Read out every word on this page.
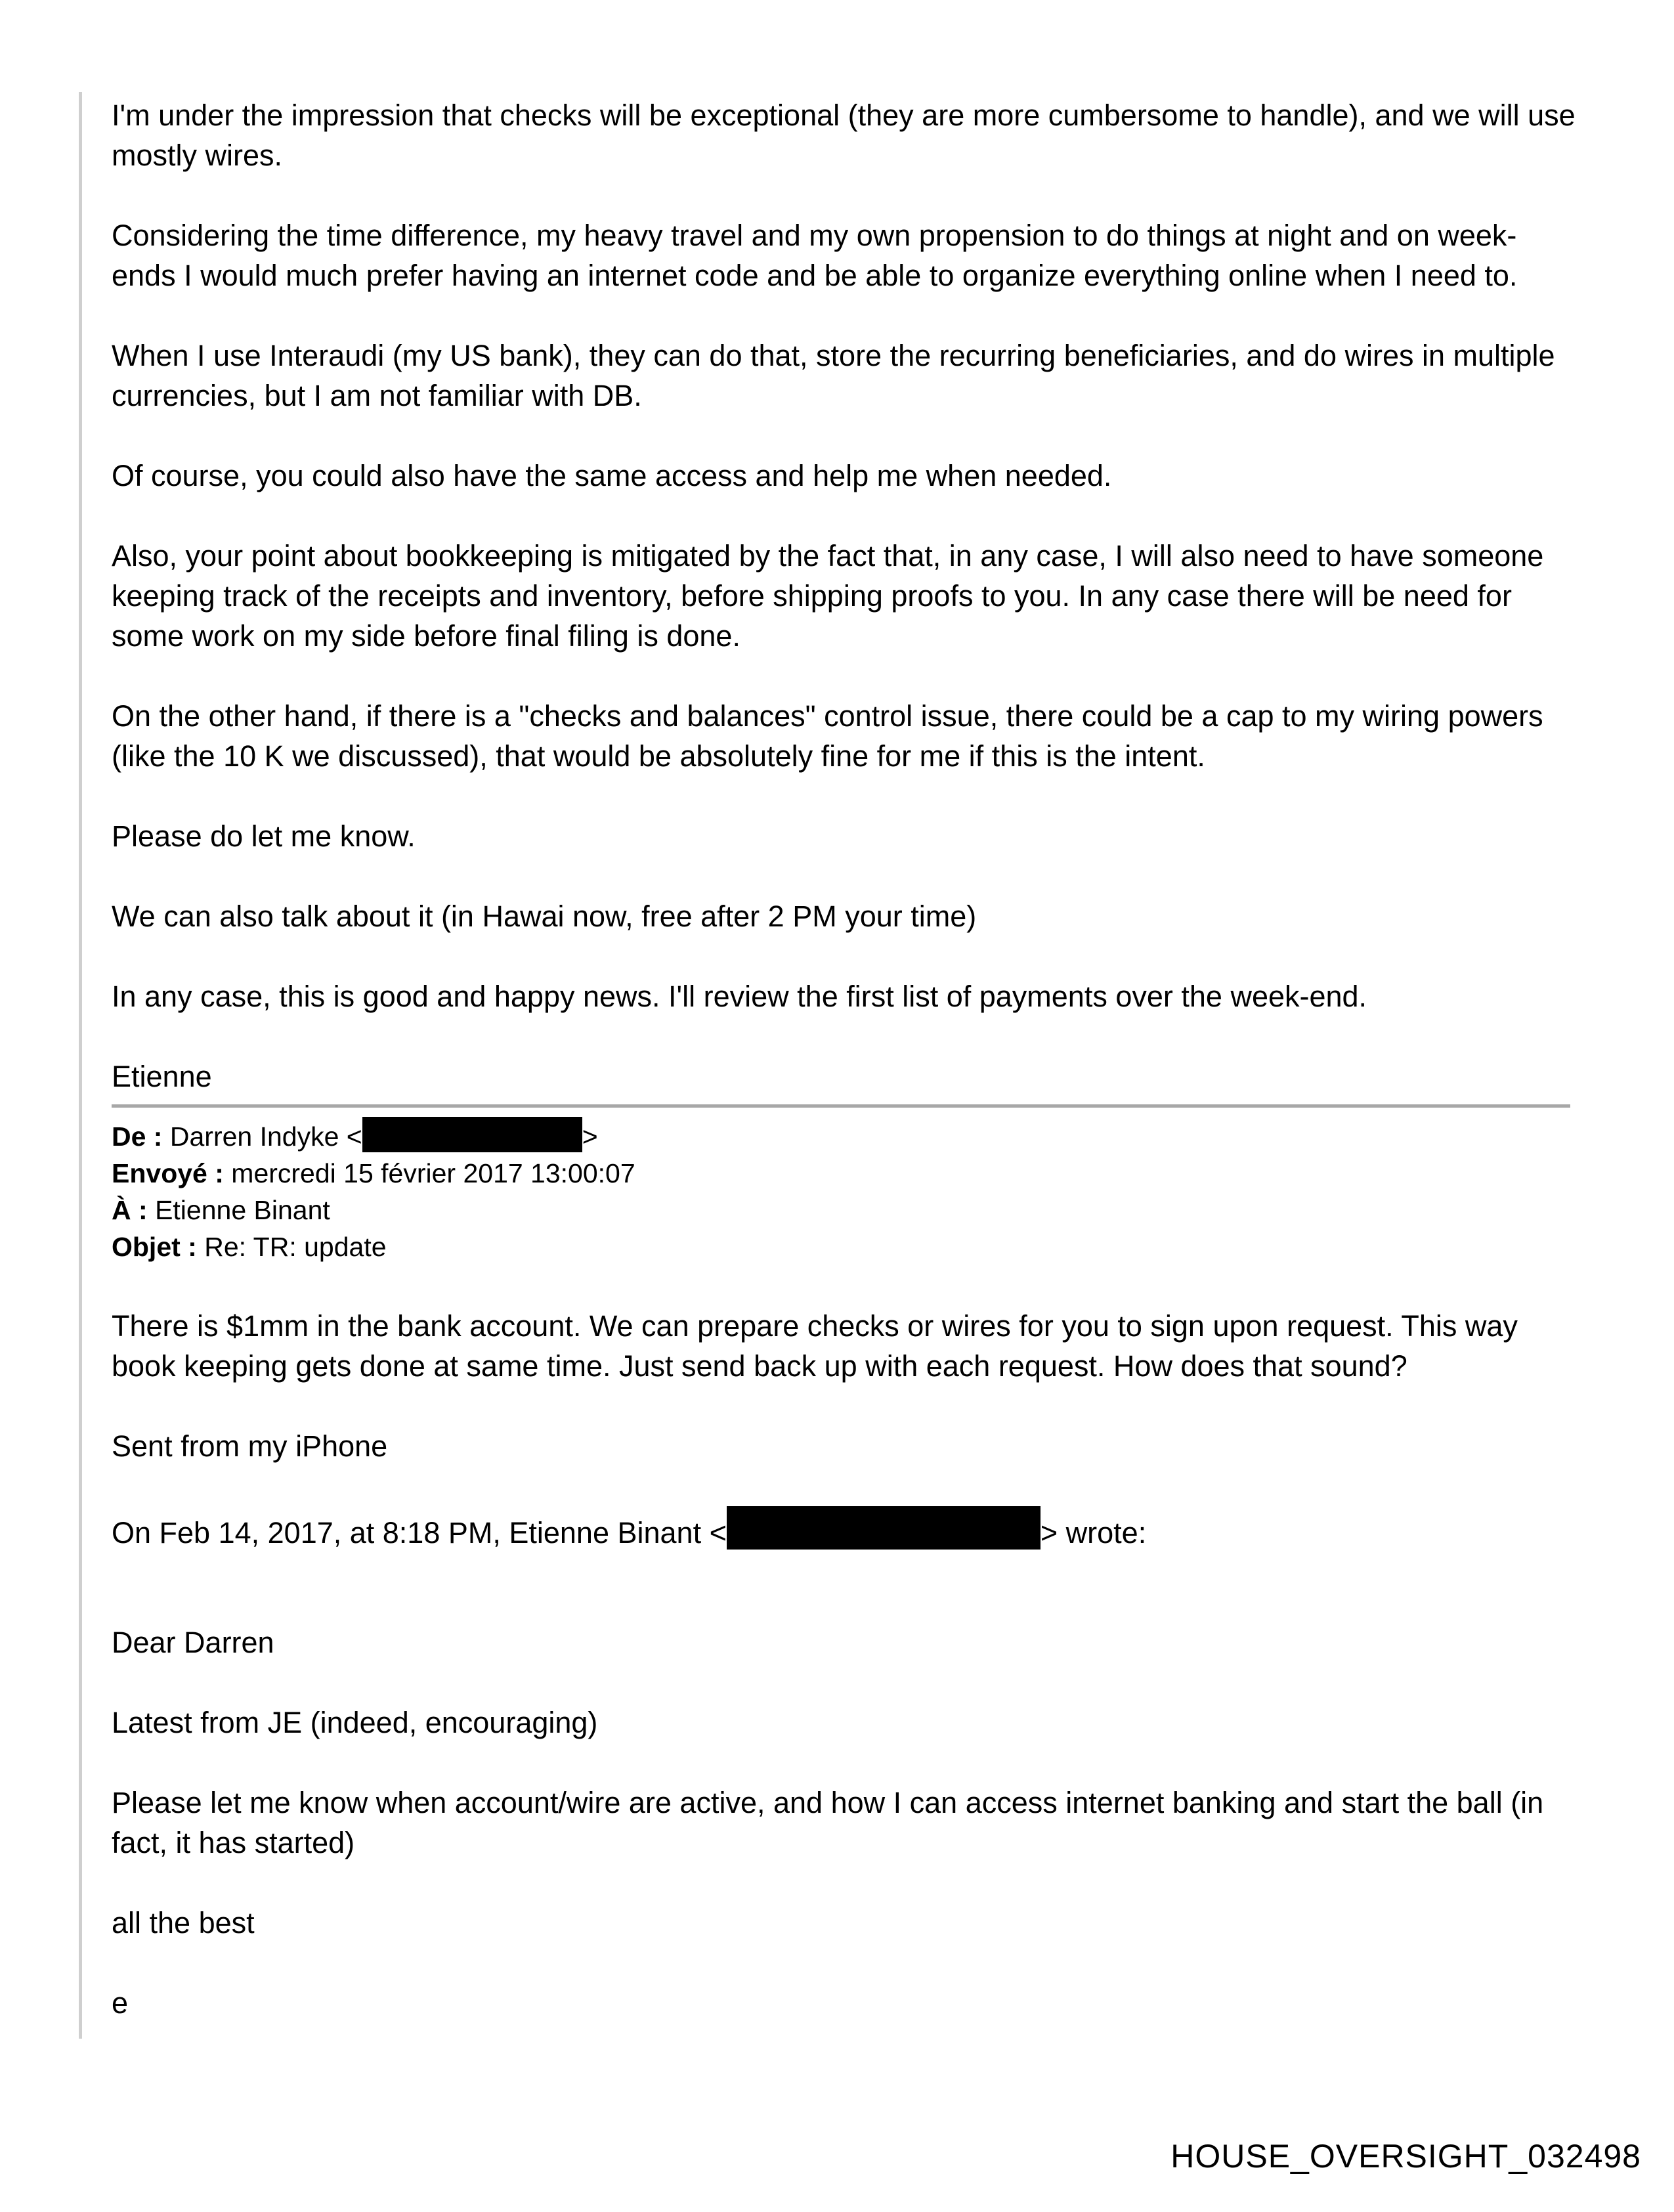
I'm under the impression that checks will be exceptional (they are more cumbersome to handle), and we will use mostly wires.

Considering the time difference, my heavy travel and my own propension to do things at night and on week-ends I would much prefer having an internet code and be able to organize everything online when I need to.

When I use Interaudi (my US bank), they can do that, store the recurring beneficiaries, and do wires in multiple currencies, but I am not familiar with DB.

Of course, you could also have the same access and help me when needed.

Also, your point about bookkeeping is mitigated by the fact that, in any case, I will also need to have someone keeping track of the receipts and inventory, before shipping proofs to you. In any case there will be need for some work on my side before final filing is done.

On the other hand, if there is a "checks and balances" control issue, there could be a cap to my wiring powers (like the 10 K we discussed), that would be absolutely fine for me if this is the intent.

Please do let me know.

We can also talk about it (in Hawai now, free after 2 PM your time)

In any case, this is good and happy news. I'll review the first list of payments over the week-end.

Etienne

De : Darren Indyke <	>
Envoyé : mercredi 15 février 2017 13:00:07
À : Etienne Binant
Objet : Re: TR: update

There is $1mm in the bank account. We can prepare checks or wires for you to sign upon request. This way book keeping gets done at same time. Just send back up with each request. How does that sound?

Sent from my iPhone

On Feb 14, 2017, at 8:18 PM, Etienne Binant <	> wrote:

Dear Darren

Latest from JE (indeed, encouraging)

Please let me know when account/wire are active, and how I can access internet banking and start the ball (in fact, it has started)

all the best

e

HOUSE_OVERSIGHT_032498
